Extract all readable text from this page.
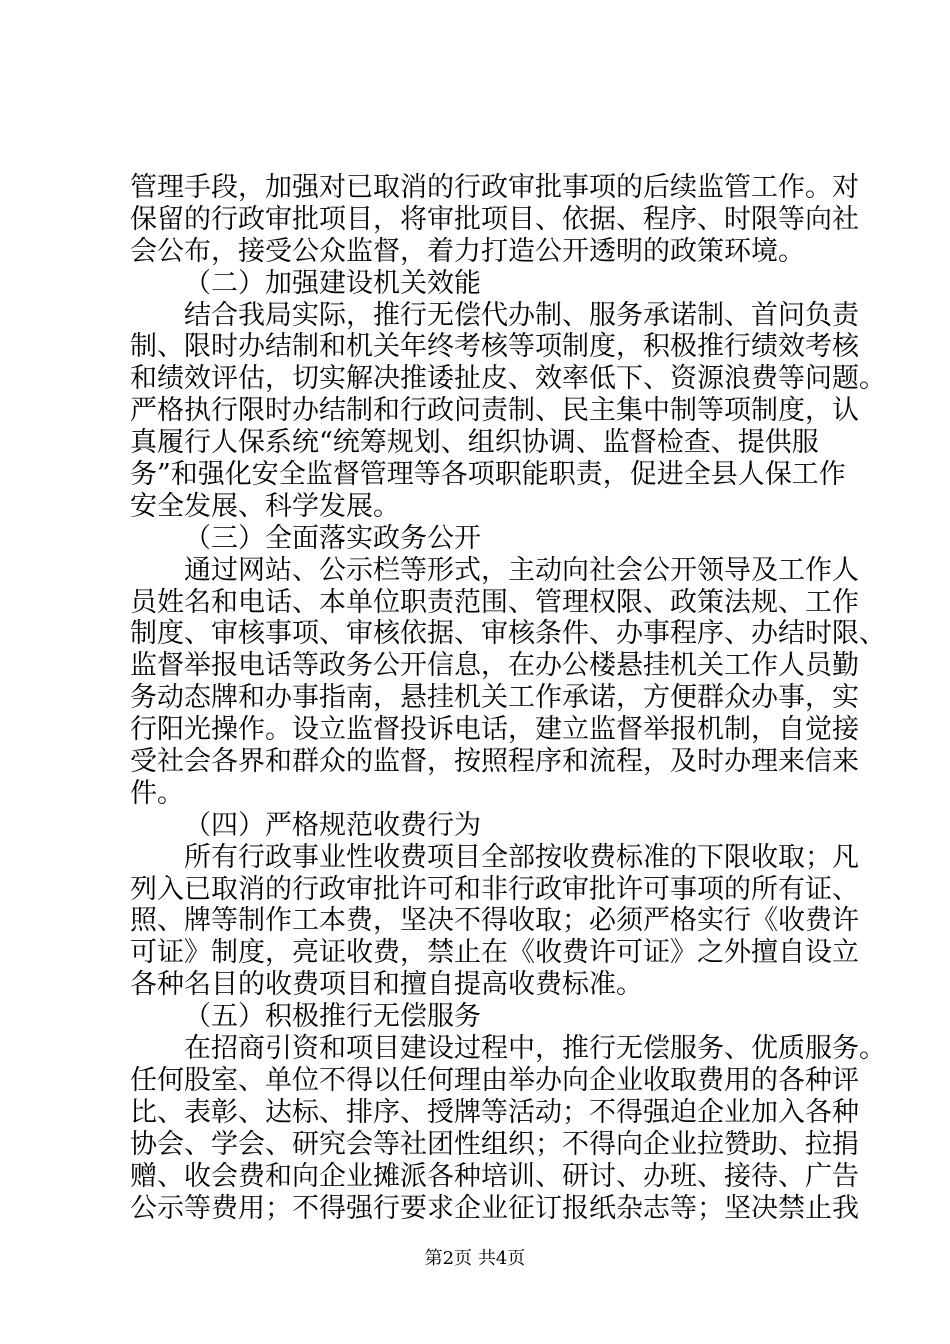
管理手段，加强对已取消的行政审批事项的后续监管工作。对
保留的行政审批项目，将审批项目、依据、程序、时限等向社
会公布，接受公众监督，着力打造公开透明的政策环境。
（二）加强建设机关效能
结合我局实际，推行无偿代办制、服务承诺制、首问负责
制、限时办结制和机关年终考核等项制度，积极推行绩效考核
和绩效评估，切实解决推诿扯皮、效率低下、资源浪费等问题。
严格执行限时办结制和行政问责制、民主集中制等项制度，认
真履行人保系统“统筹规划、组织协调、监督检查、提供服
务”和强化安全监督管理等各项职能职责，促进全县人保工作
安全发展、科学发展。
（三）全面落实政务公开
通过网站、公示栏等形式，主动向社会公开领导及工作人
员姓名和电话、本单位职责范围、管理权限、政策法规、工作
制度、审核事项、审核依据、审核条件、办事程序、办结时限、
监督举报电话等政务公开信息，在办公楼悬挂机关工作人员勤
务动态牌和办事指南，悬挂机关工作承诺，方便群众办事，实
行阳光操作。设立监督投诉电话，建立监督举报机制，自觉接
受社会各界和群众的监督，按照程序和流程，及时办理来信来
件。
（四）严格规范收费行为
所有行政事业性收费项目全部按收费标准的下限收取；凡
列入已取消的行政审批许可和非行政审批许可事项的所有证、
照、牌等制作工本费，坚决不得收取；必须严格实行《收费许
可证》制度，亮证收费，禁止在《收费许可证》之外擅自设立
各种名目的收费项目和擅自提高收费标准。
（五）积极推行无偿服务
在招商引资和项目建设过程中，推行无偿服务、优质服务。
任何股室、单位不得以任何理由举办向企业收取费用的各种评
比、表彰、达标、排序、授牌等活动；不得强迫企业加入各种
协会、学会、研究会等社团性组织；不得向企业拉赞助、拉捐
赠、收会费和向企业摊派各种培训、研讨、办班、接待、广告
公示等费用；不得强行要求企业征订报纸杂志等；坚决禁止我
第2页 共4页
